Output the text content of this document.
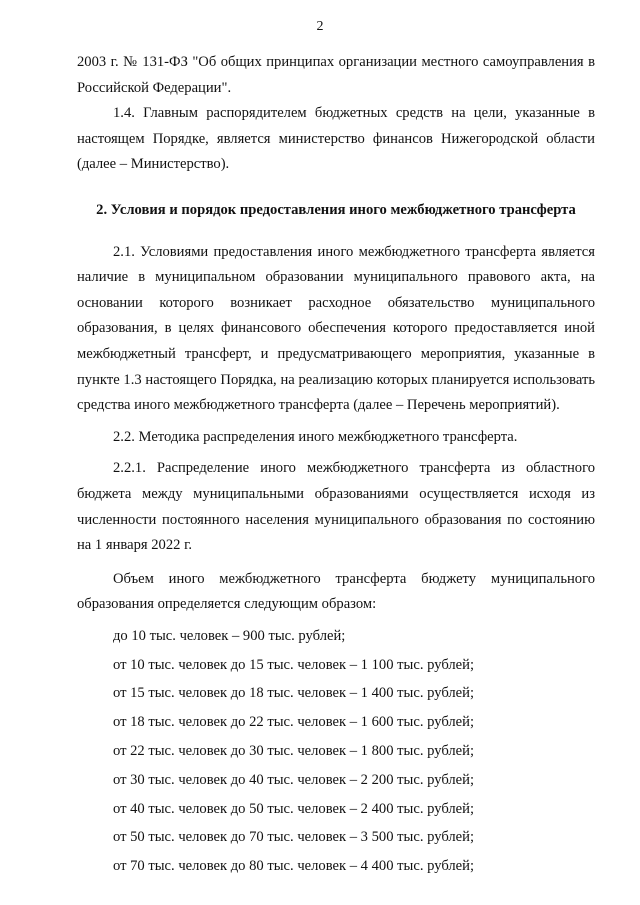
2

2003 г. № 131-ФЗ "Об общих принципах организации местного самоуправления в Российской Федерации".

1.4. Главным распорядителем бюджетных средств на цели, указанные в настоящем Порядке, является министерство финансов Нижегородской области (далее – Министерство).

2. Условия и порядок предоставления иного межбюджетного трансферта

2.1. Условиями предоставления иного межбюджетного трансферта является наличие в муниципальном образовании муниципального правового акта, на основании которого возникает расходное обязательство муниципального образования, в целях финансового обеспечения которого предоставляется иной межбюджетный трансферт, и предусматривающего мероприятия, указанные в пункте 1.3 настоящего Порядка, на реализацию которых планируется использовать средства иного межбюджетного трансферта (далее – Перечень мероприятий).

2.2. Методика распределения иного межбюджетного трансферта.

2.2.1. Распределение иного межбюджетного трансферта из областного бюджета между муниципальными образованиями осуществляется исходя из численности постоянного населения муниципального образования по состоянию на 1 января 2022 г.

Объем иного межбюджетного трансферта бюджету муниципального образования определяется следующим образом:

до 10 тыс. человек – 900 тыс. рублей;

от 10 тыс. человек до 15 тыс. человек – 1 100 тыс. рублей;

от 15 тыс. человек до 18 тыс. человек – 1 400 тыс. рублей;

от 18 тыс. человек до 22 тыс. человек – 1 600 тыс. рублей;

от 22 тыс. человек до 30 тыс. человек – 1 800 тыс. рублей;

от 30 тыс. человек до 40 тыс. человек – 2 200 тыс. рублей;

от 40 тыс. человек до 50 тыс. человек – 2 400 тыс. рублей;

от 50 тыс. человек до 70 тыс. человек – 3 500 тыс. рублей;

от 70 тыс. человек до 80 тыс. человек – 4 400 тыс. рублей;
